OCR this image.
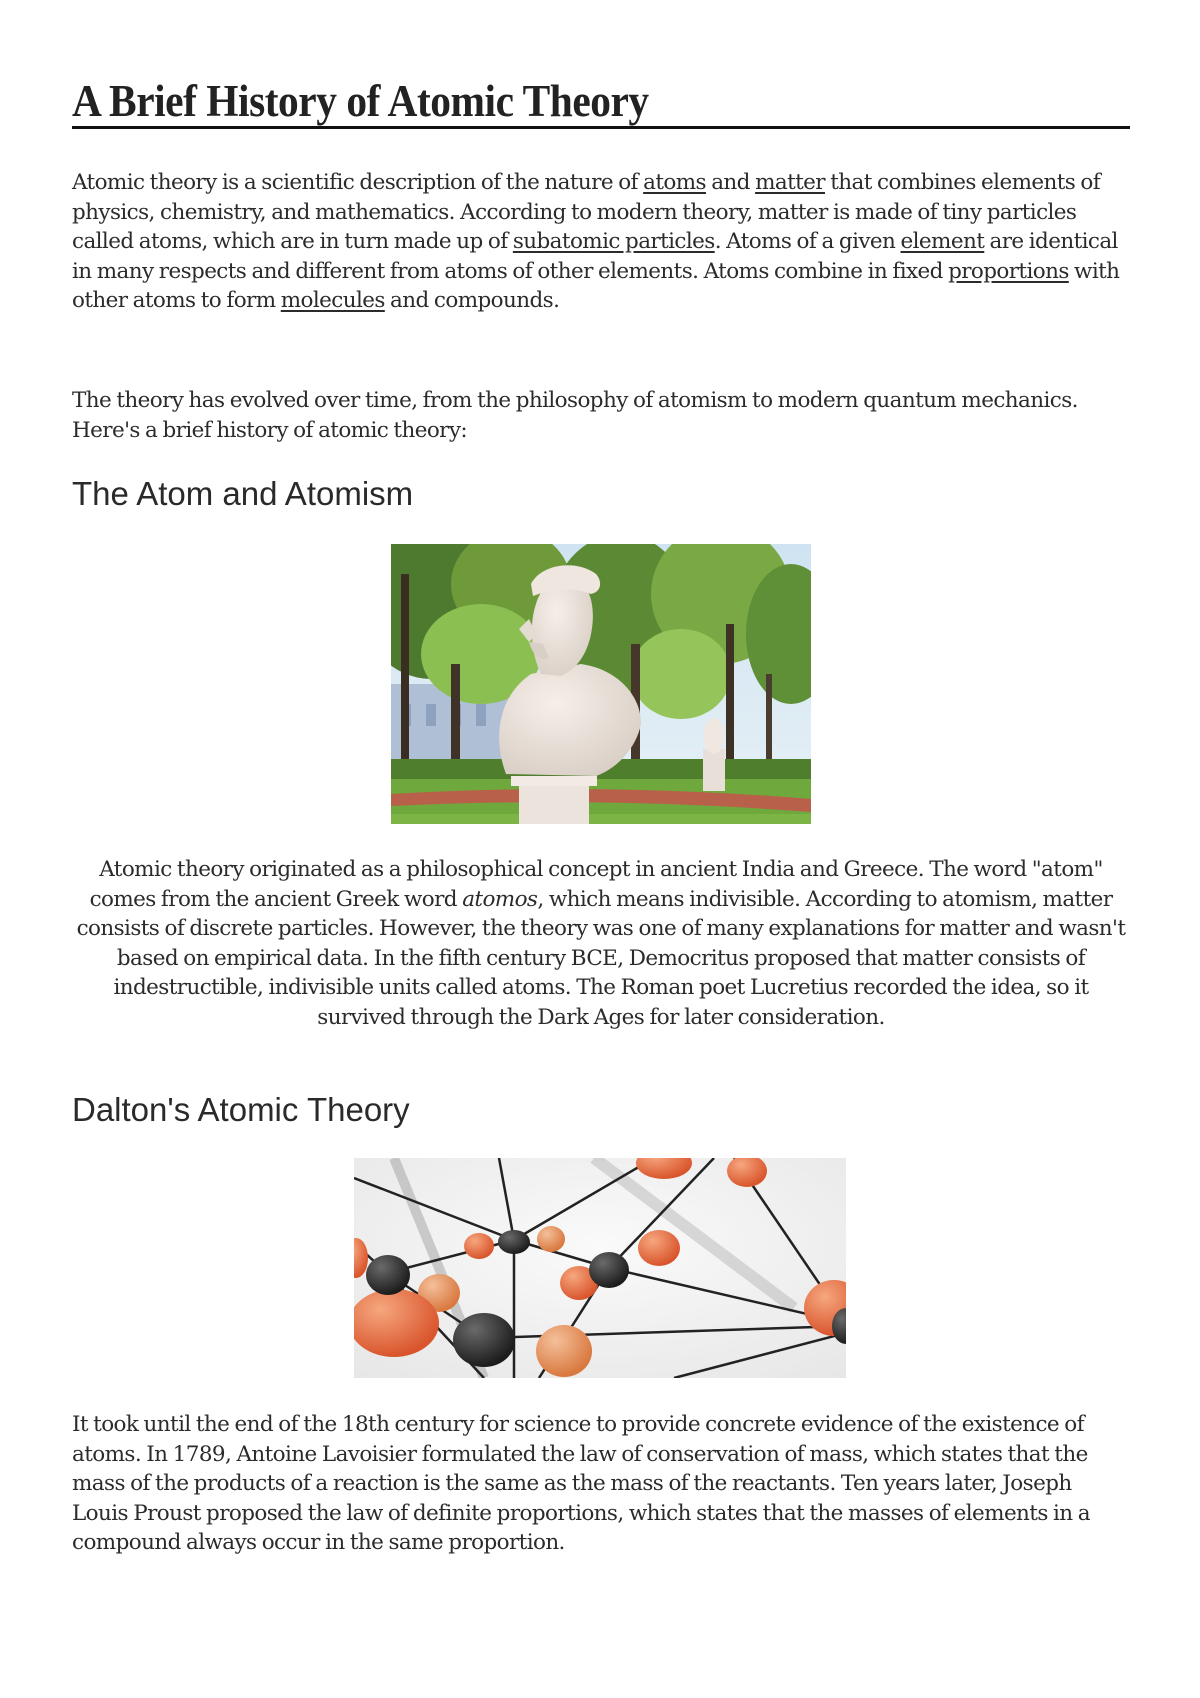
A Brief History of Atomic Theory

Atomic theory is a scientific description of the nature of atoms and matter that combines elements of physics, chemistry, and mathematics. According to modern theory, matter is made of tiny particles called atoms, which are in turn made up of subatomic particles. Atoms of a given element are identical in many respects and different from atoms of other elements. Atoms combine in fixed proportions with other atoms to form molecules and compounds.

The theory has evolved over time, from the philosophy of atomism to modern quantum mechanics. Here's a brief history of atomic theory:

The Atom and Atomism

Atomic theory originated as a philosophical concept in ancient India and Greece. The word "atom" comes from the ancient Greek word atomos, which means indivisible. According to atomism, matter consists of discrete particles. However, the theory was one of many explanations for matter and wasn't based on empirical data. In the fifth century BCE, Democritus proposed that matter consists of indestructible, indivisible units called atoms. The Roman poet Lucretius recorded the idea, so it survived through the Dark Ages for later consideration.

Dalton's Atomic Theory

It took until the end of the 18th century for science to provide concrete evidence of the existence of atoms. In 1789, Antoine Lavoisier formulated the law of conservation of mass, which states that the mass of the products of a reaction is the same as the mass of the reactants. Ten years later, Joseph Louis Proust proposed the law of definite proportions, which states that the masses of elements in a compound always occur in the same proportion.
